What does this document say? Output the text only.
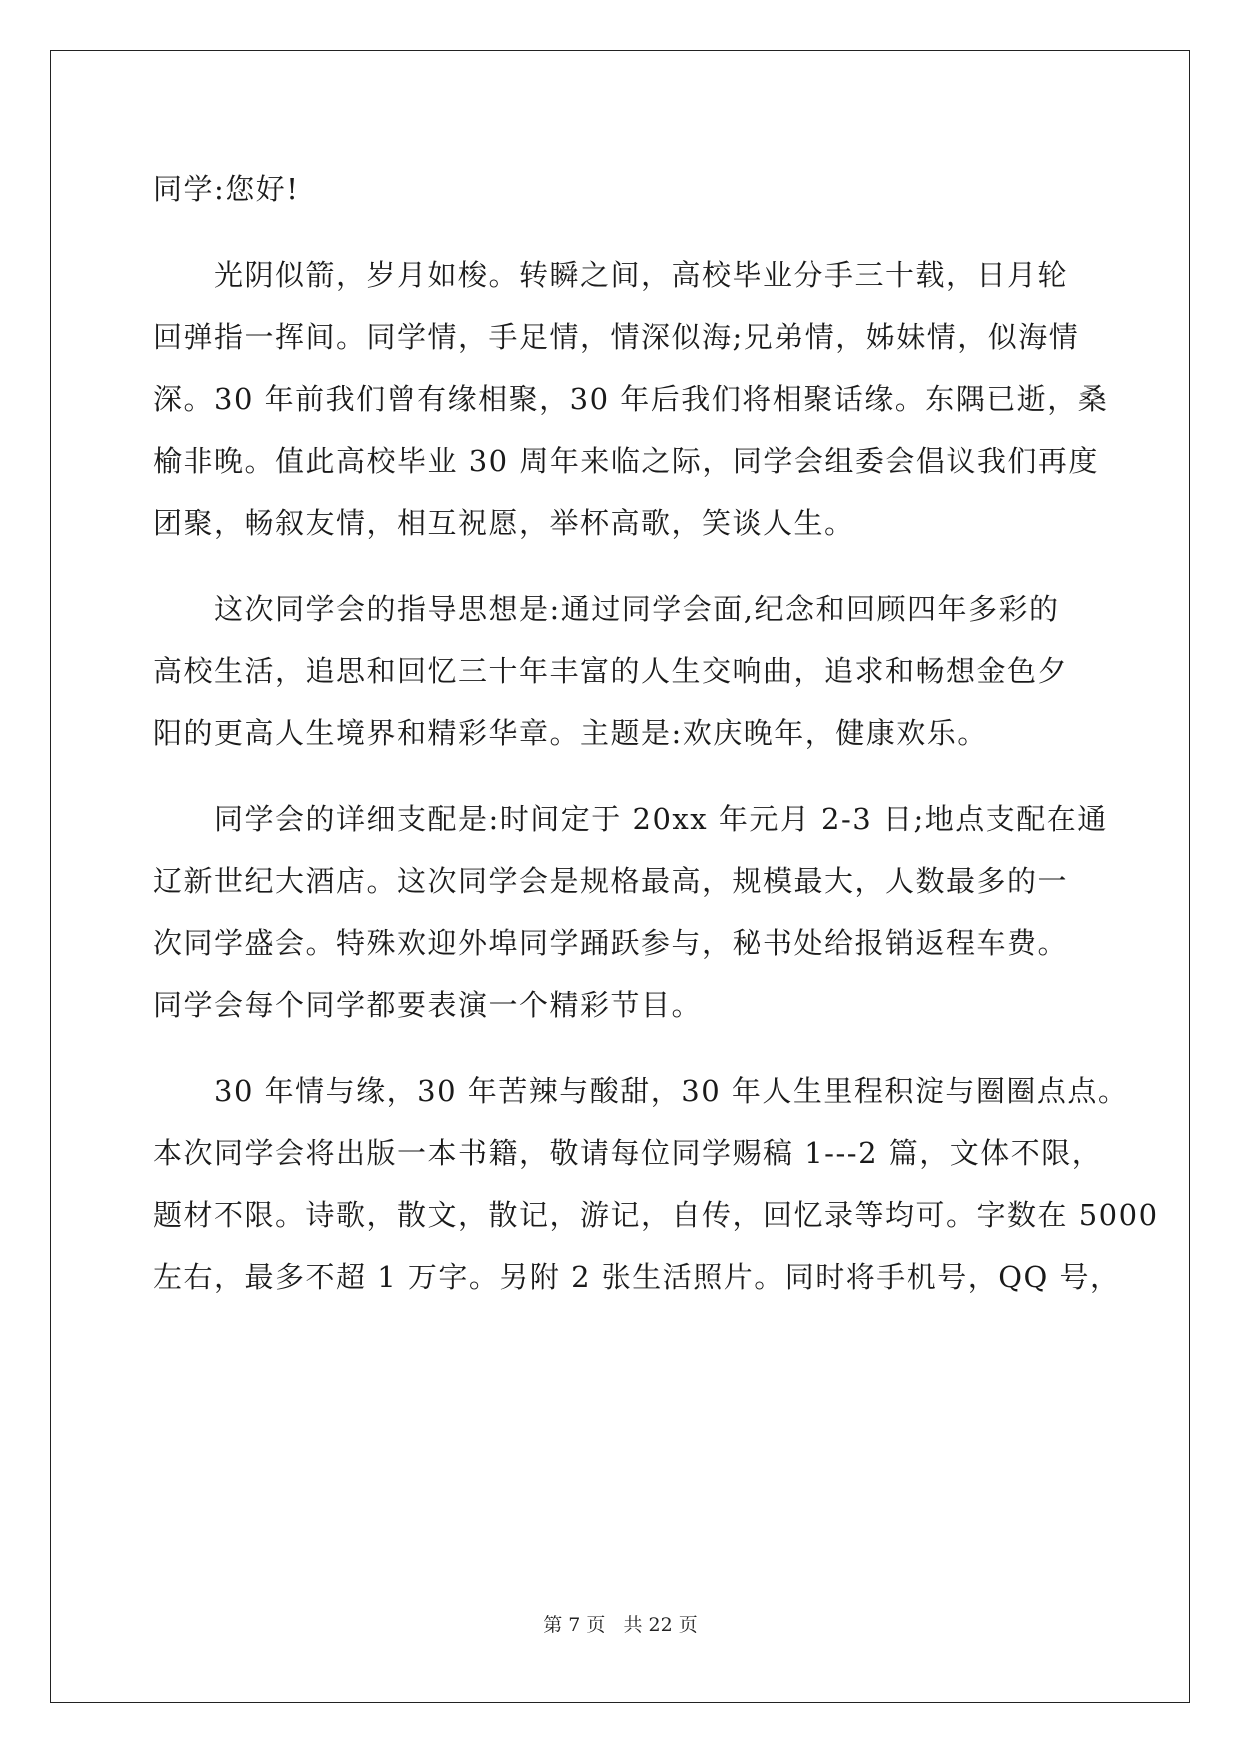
同学:您好!
光阴似箭，岁月如梭。转瞬之间，高校毕业分手三十载，日月轮
回弹指一挥间。同学情，手足情，情深似海;兄弟情，姊妹情，似海情
深。30 年前我们曾有缘相聚，30 年后我们将相聚话缘。东隅已逝，桑
榆非晚。值此高校毕业 30 周年来临之际，同学会组委会倡议我们再度
团聚，畅叙友情，相互祝愿，举杯高歌，笑谈人生。
这次同学会的指导思想是:通过同学会面,纪念和回顾四年多彩的
高校生活，追思和回忆三十年丰富的人生交响曲，追求和畅想金色夕
阳的更高人生境界和精彩华章。主题是:欢庆晚年，健康欢乐。
同学会的详细支配是:时间定于 20xx 年元月 2-3 日;地点支配在通
辽新世纪大酒店。这次同学会是规格最高，规模最大，人数最多的一
次同学盛会。特殊欢迎外埠同学踊跃参与，秘书处给报销返程车费。
同学会每个同学都要表演一个精彩节目。
30 年情与缘，30 年苦辣与酸甜，30 年人生里程积淀与圈圈点点。
本次同学会将出版一本书籍，敬请每位同学赐稿 1---2 篇，文体不限，
题材不限。诗歌，散文，散记，游记，自传，回忆录等均可。字数在 5000
左右，最多不超 1 万字。另附 2 张生活照片。同时将手机号，QQ 号，
第 7 页 共 22 页
